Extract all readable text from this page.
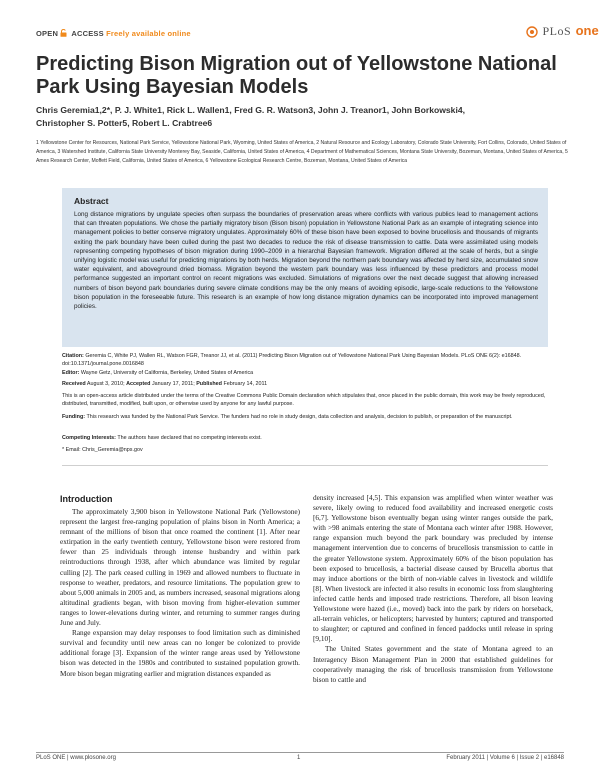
OPEN ACCESS Freely available online	PLoS one
Predicting Bison Migration out of Yellowstone National Park Using Bayesian Models
Chris Geremia1,2*, P. J. White1, Rick L. Wallen1, Fred G. R. Watson3, John J. Treanor1, John Borkowski4,
Christopher S. Potter5, Robert L. Crabtree6
1 Yellowstone Center for Resources, National Park Service, Yellowstone National Park, Wyoming, United States of America, 2 Natural Resource and Ecology Laboratory, Colorado State University, Fort Collins, Colorado, United States of America, 3 Watershed Institute, California State University Monterey Bay, Seaside, California, United States of America, 4 Department of Mathematical Sciences, Montana State University, Bozeman, Montana, United States of America, 5 Ames Research Center, Moffett Field, California, United States of America, 6 Yellowstone Ecological Research Centre, Bozeman, Montana, United States of America
Abstract
Long distance migrations by ungulate species often surpass the boundaries of preservation areas where conflicts with various publics lead to management actions that can threaten populations. We chose the partially migratory bison (Bison bison) population in Yellowstone National Park as an example of integrating science into management policies to better conserve migratory ungulates. Approximately 60% of these bison have been exposed to bovine brucellosis and thousands of migrants exiting the park boundary have been culled during the past two decades to reduce the risk of disease transmission to cattle. Data were assimilated using models representing competing hypotheses of bison migration during 1990–2009 in a hierarchal Bayesian framework. Migration differed at the scale of herds, but a single unifying logistic model was useful for predicting migrations by both herds. Migration beyond the northern park boundary was affected by herd size, accumulated snow water equivalent, and aboveground dried biomass. Migration beyond the western park boundary was less influenced by these predictors and process model performance suggested an important control on recent migrations was excluded. Simulations of migrations over the next decade suggest that allowing increased numbers of bison beyond park boundaries during severe climate conditions may be the only means of avoiding episodic, large-scale reductions to the Yellowstone bison population in the foreseeable future. This research is an example of how long distance migration dynamics can be incorporated into improved management policies.
Citation: Geremia C, White PJ, Wallen RL, Watson FGR, Treanor JJ, et al. (2011) Predicting Bison Migration out of Yellowstone National Park Using Bayesian Models. PLoS ONE 6(2): e16848. doi:10.1371/journal.pone.0016848
Editor: Wayne Getz, University of California, Berkeley, United States of America
Received August 3, 2010; Accepted January 17, 2011; Published February 14, 2011
This is an open-access article distributed under the terms of the Creative Commons Public Domain declaration which stipulates that, once placed in the public domain, this work may be freely reproduced, distributed, transmitted, modified, built upon, or otherwise used by anyone for any lawful purpose.
Funding: This research was funded by the National Park Service. The funders had no role in study design, data collection and analysis, decision to publish, or preparation of the manuscript.
Competing Interests: The authors have declared that no competing interests exist.
* Email: Chris_Geremia@nps.gov
Introduction

The approximately 3,900 bison in Yellowstone National Park (Yellowstone) represent the largest free-ranging population of plains bison in North America; a remnant of the millions of bison that once roamed the continent [1]. After near extirpation in the early twentieth century, Yellowstone bison were restored from fewer than 25 individuals through intense husbandry and within park reintroductions through 1938, after which abundance was limited by regular culling [2]. The park ceased culling in 1969 and allowed numbers to fluctuate in response to weather, predators, and resource limitations. The population grew to about 5,000 animals in 2005 and, as numbers increased, seasonal migrations along altitudinal gradients began, with bison moving from higher-elevation summer ranges to lower-elevations during winter, and returning to summer ranges during June and July.

Range expansion may delay responses to food limitation such as diminished survival and fecundity until new areas can no longer be colonized to provide additional forage [3]. Expansion of the winter range areas used by Yellowstone bison was detected in the 1980s and contributed to sustained population growth. More bison began migrating earlier and migration distances expanded as

density increased [4,5]. This expansion was amplified when winter weather was severe, likely owing to reduced food availability and increased energetic costs [6,7]. Yellowstone bison eventually began using winter ranges outside the park, with >98 animals entering the state of Montana each winter after 1988. However, range expansion much beyond the park boundary was precluded by intense management intervention due to concerns of brucellosis transmission to cattle in the greater Yellowstone system. Approximately 60% of the bison population has been exposed to brucellosis, a bacterial disease caused by Brucella abortus that may induce abortions or the birth of non-viable calves in livestock and wildlife [8]. When livestock are infected it also results in economic loss from slaughtering infected cattle herds and imposed trade restrictions. Therefore, all bison leaving Yellowstone were hazed (i.e., moved) back into the park by riders on horseback, all-terrain vehicles, or helicopters; harvested by hunters; captured and transported to slaughter; or captured and confined in fenced paddocks until release in spring [9,10].

The United States government and the state of Montana agreed to an Interagency Bison Management Plan in 2000 that established guidelines for cooperatively managing the risk of brucellosis transmission from Yellowstone bison to cattle and

PLoS ONE | www.plosone.org	1	February 2011 | Volume 6 | Issue 2 | e16848
